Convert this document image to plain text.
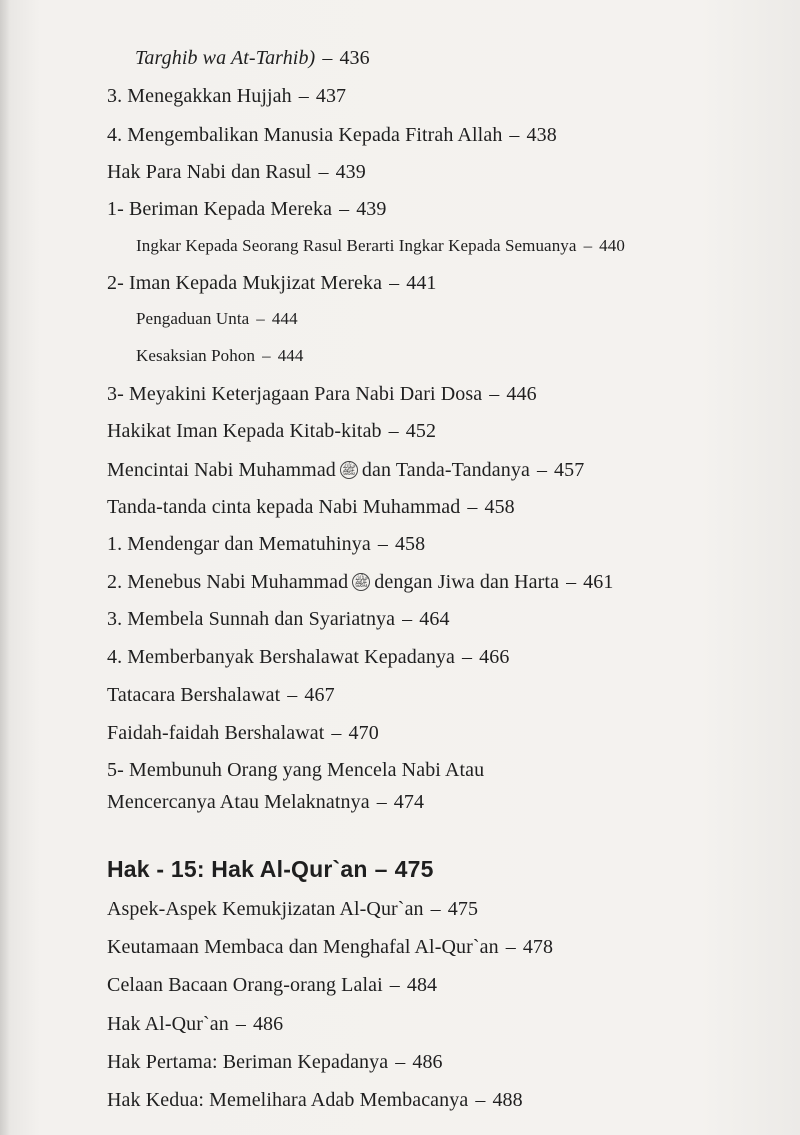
Targhib wa At-Tarhib) – 436
3. Menegakkan Hujjah – 437
4. Mengembalikan Manusia Kepada Fitrah Allah – 438
Hak Para Nabi dan Rasul – 439
1- Beriman Kepada Mereka – 439
Ingkar Kepada Seorang Rasul Berarti Ingkar Kepada Semuanya – 440
2- Iman Kepada Mukjizat Mereka – 441
Pengaduan Unta – 444
Kesaksian Pohon – 444
3- Meyakini Keterjagaan Para Nabi Dari Dosa – 446
Hakikat Iman Kepada Kitab-kitab – 452
Mencintai Nabi Muhammad ﷺ dan Tanda-Tandanya – 457
Tanda-tanda cinta kepada Nabi Muhammad – 458
1. Mendengar dan Mematuhinya – 458
2. Menebus Nabi Muhammad ﷺ dengan Jiwa dan Harta – 461
3. Membela Sunnah dan Syariatnya – 464
4. Memberbanyak Bershalawat Kepadanya – 466
Tatacara Bershalawat – 467
Faidah-faidah Bershalawat – 470
5- Membunuh Orang yang Mencela Nabi Atau
Mencercanya Atau Melaknatnya – 474
Hak - 15: Hak Al-Qur`an – 475
Aspek-Aspek Kemukjizatan Al-Qur`an – 475
Keutamaan Membaca dan Menghafal Al-Qur`an – 478
Celaan Bacaan Orang-orang Lalai – 484
Hak Al-Qur`an – 486
Hak Pertama: Beriman Kepadanya – 486
Hak Kedua: Memelihara Adab Membacanya – 488
